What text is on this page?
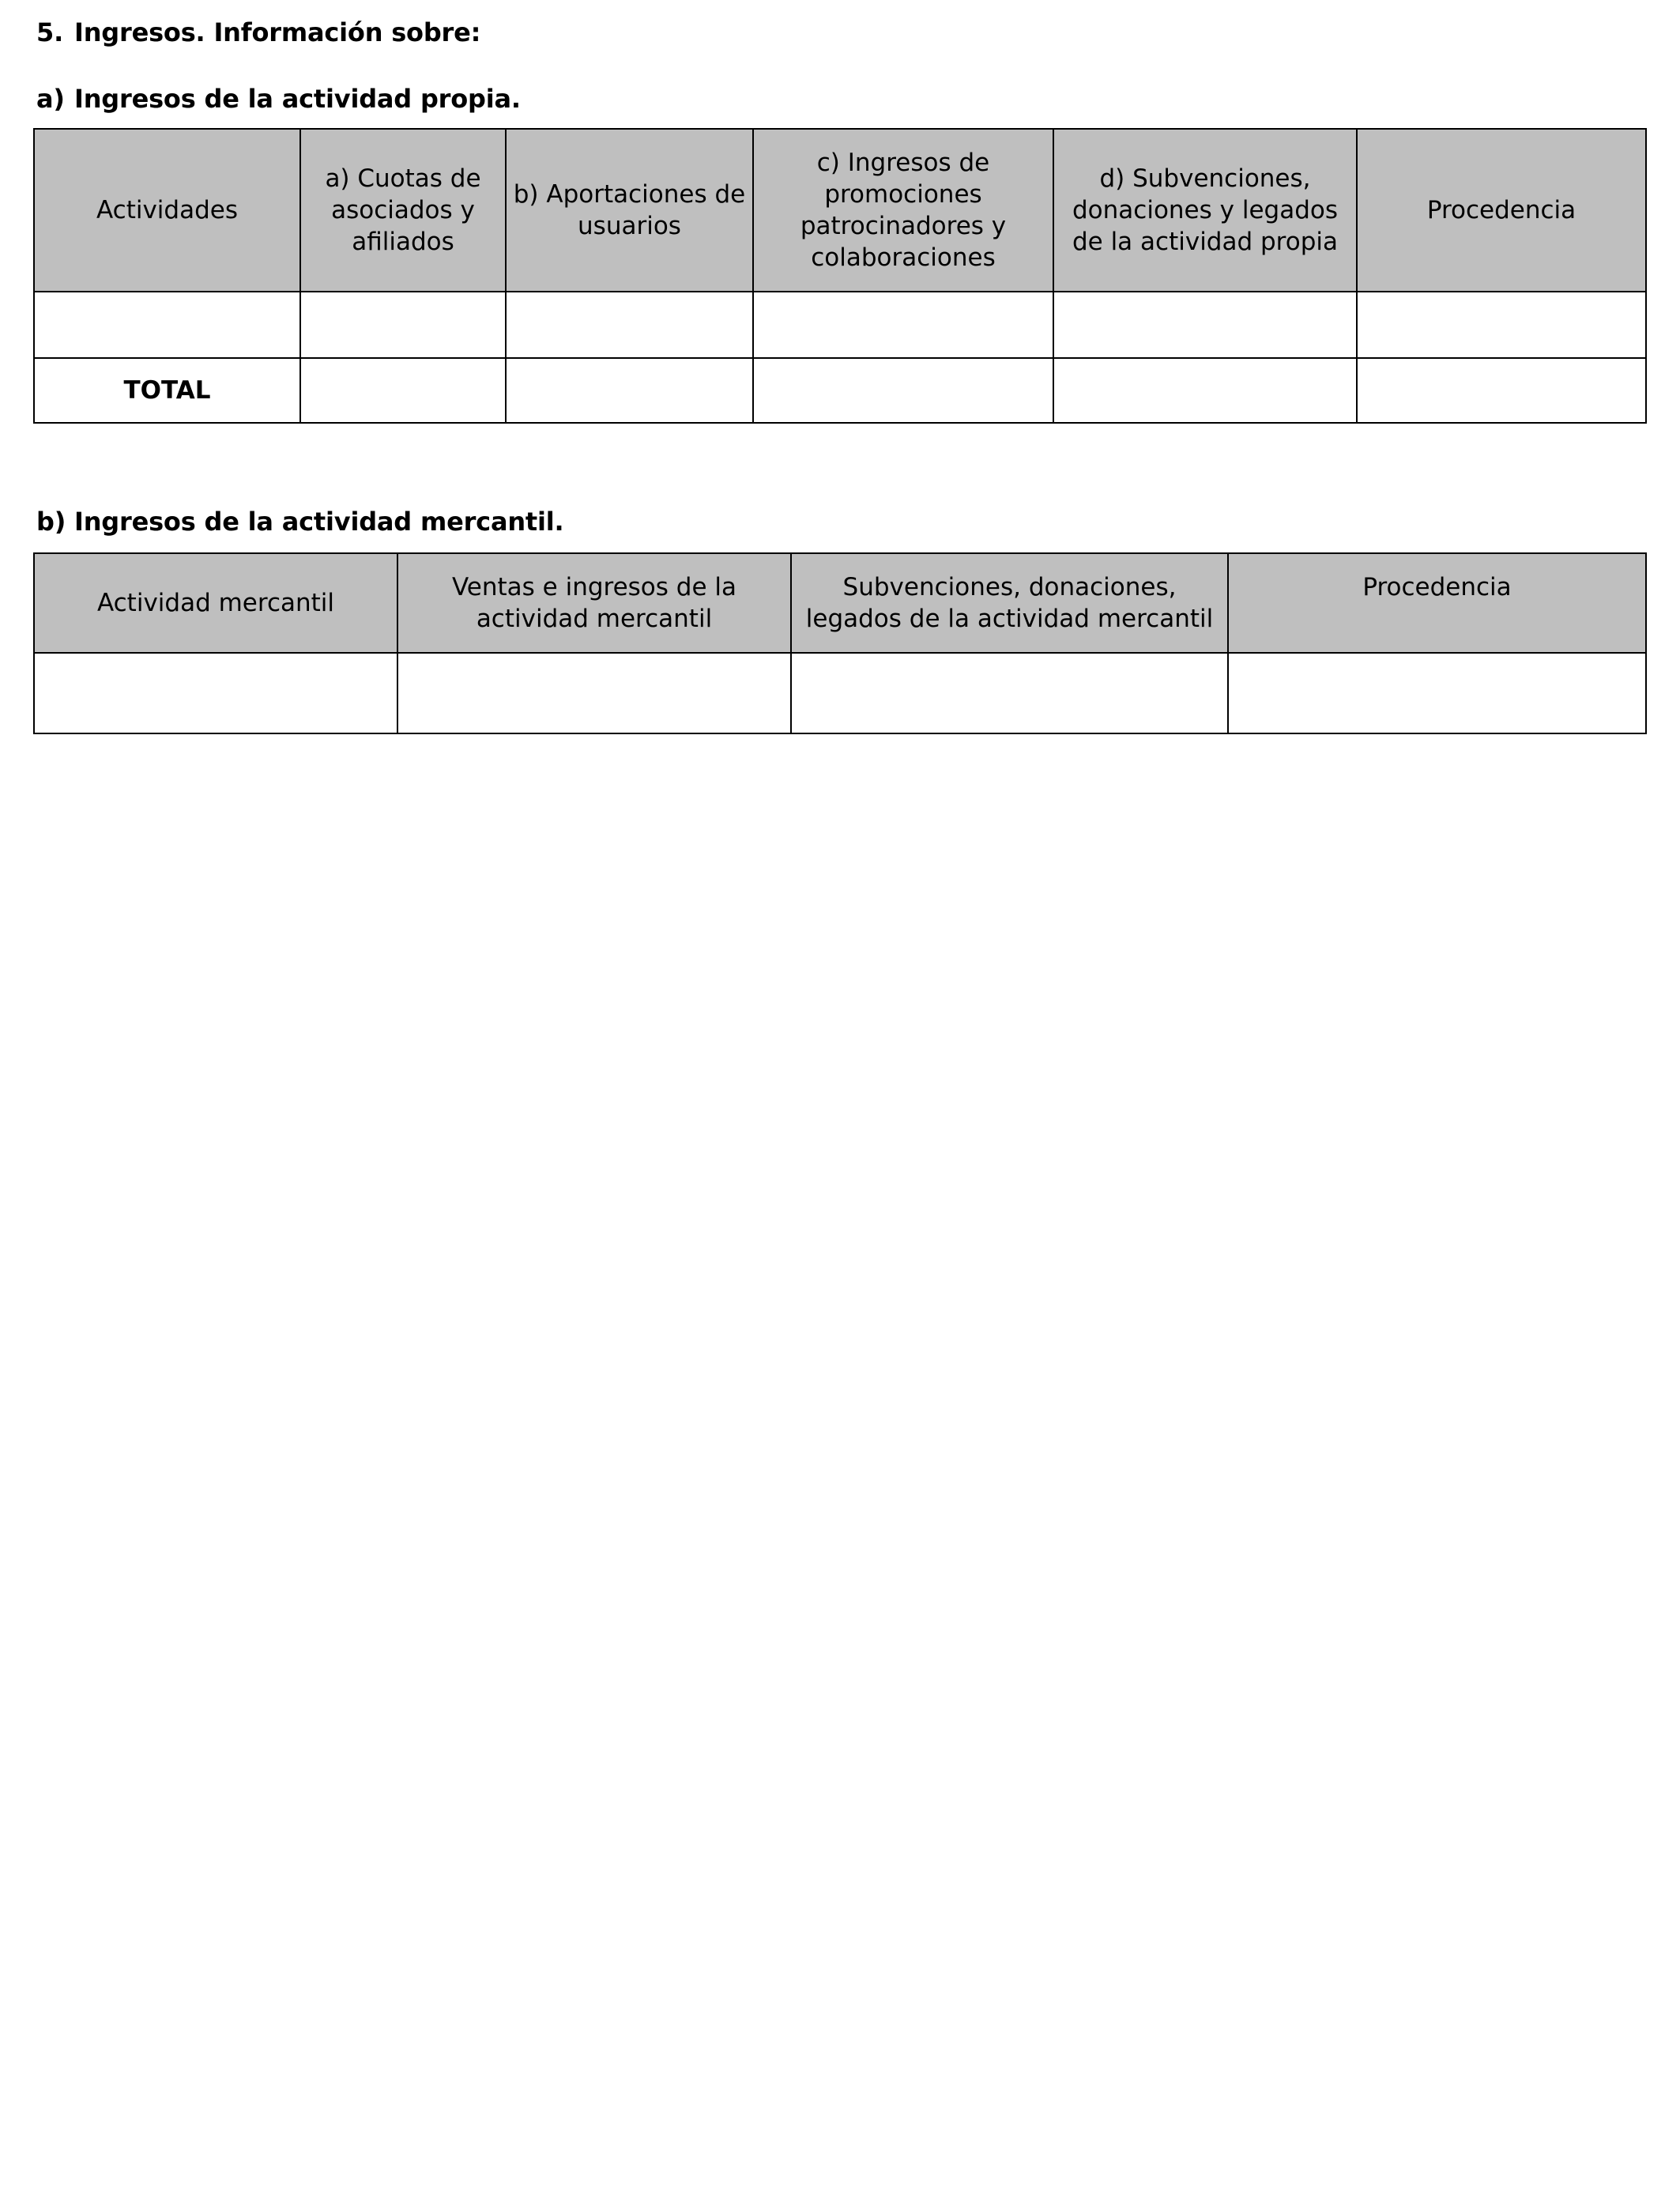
5. Ingresos. Información sobre:
a) Ingresos de la actividad propia.
Actividades	a) Cuotas de asociados y afiliados	b) Aportaciones de usuarios	c) Ingresos de promociones patrocinadores y colaboraciones	d) Subvenciones, donaciones y legados de la actividad propia	Procedencia

TOTAL					
b) Ingresos de la actividad mercantil.
Actividad mercantil	Ventas e ingresos de la actividad mercantil	Subvenciones, donaciones, legados de la actividad mercantil	Procedencia
